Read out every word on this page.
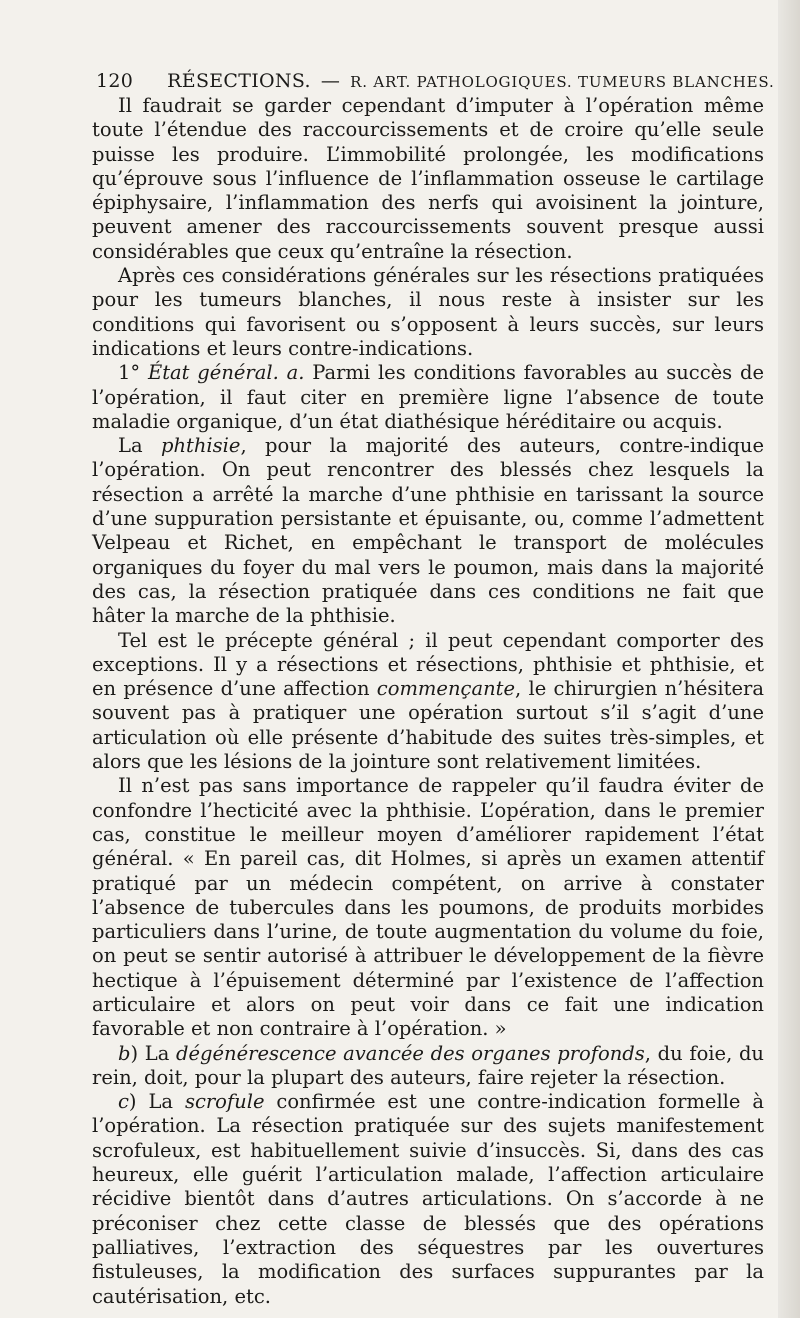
120 RÉSECTIONS. — R. ART. PATHOLOGIQUES. TUMEURS BLANCHES.

Il faudrait se garder cependant d’imputer à l’opération même toute l’étendue des raccourcissements et de croire qu’elle seule puisse les produire. L’immobilité prolongée, les modifications qu’éprouve sous l’influence de l’inflammation osseuse le cartilage épiphysaire, l’inflammation des nerfs qui avoisinent la jointure, peuvent amener des raccourcissements souvent presque aussi considérables que ceux qu’entraîne la résection.

Après ces considérations générales sur les résections pratiquées pour les tumeurs blanches, il nous reste à insister sur les conditions qui favorisent ou s’opposent à leurs succès, sur leurs indications et leurs contre-indications.

1° État général. a. Parmi les conditions favorables au succès de l’opération, il faut citer en première ligne l’absence de toute maladie organique, d’un état diathésique héréditaire ou acquis.

La phthisie, pour la majorité des auteurs, contre-indique l’opération. On peut rencontrer des blessés chez lesquels la résection a arrêté la marche d’une phthisie en tarissant la source d’une suppuration persistante et épuisante, ou, comme l’admettent Velpeau et Richet, en empêchant le transport de molécules organiques du foyer du mal vers le poumon, mais dans la majorité des cas, la résection pratiquée dans ces conditions ne fait que hâter la marche de la phthisie.

Tel est le précepte général ; il peut cependant comporter des exceptions. Il y a résections et résections, phthisie et phthisie, et en présence d’une affection commençante, le chirurgien n’hésitera souvent pas à pratiquer une opération surtout s’il s’agit d’une articulation où elle présente d’habitude des suites très-simples, et alors que les lésions de la jointure sont relativement limitées.

Il n’est pas sans importance de rappeler qu’il faudra éviter de confondre l’hecticité avec la phthisie. L’opération, dans le premier cas, constitue le meilleur moyen d’améliorer rapidement l’état général. « En pareil cas, dit Holmes, si après un examen attentif pratiqué par un médecin compétent, on arrive à constater l’absence de tubercules dans les poumons, de produits morbides particuliers dans l’urine, de toute augmentation du volume du foie, on peut se sentir autorisé à attribuer le développement de la fièvre hectique à l’épuisement déterminé par l’existence de l’affection articulaire et alors on peut voir dans ce fait une indication favorable et non contraire à l’opération. »

b) La dégénérescence avancée des organes profonds, du foie, du rein, doit, pour la plupart des auteurs, faire rejeter la résection.

c) La scrofule confirmée est une contre-indication formelle à l’opération. La résection pratiquée sur des sujets manifestement scrofuleux, est habituellement suivie d’insuccès. Si, dans des cas heureux, elle guérit l’articulation malade, l’affection articulaire récidive bientôt dans d’autres articulations. On s’accorde à ne préconiser chez cette classe de blessés que des opérations palliatives, l’extraction des séquestres par les ouvertures fistuleuses, la modification des surfaces suppurantes par la cautérisation, etc.
